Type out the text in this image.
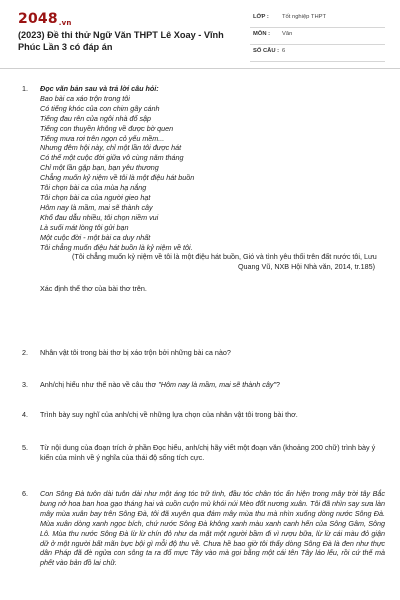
2048.vn
(2023) Đề thi thử Ngữ Văn THPT Lê Xoay - Vĩnh Phúc Lần 3 có đáp án
LỚP : Tốt nghiệp THPT
MÔN : Văn
SỐ CÂU : 6
1. Đọc văn bản sau và trả lời câu hỏi:
Bao bài ca xáo trộn trong tôi
Có tiếng khóc của con chim gãy cánh
Tiếng đau rên của ngôi nhà đổ sập
Tiếng con thuyền không về được bờ quen
Tiếng mưa rơi trên ngọn cỏ yếu mềm...
Nhưng đêm hội này, chỉ một lần tôi được hát
Có thể một cuộc đời giữa vô cùng năm tháng
Chỉ một lần gặp bạn, bạn yêu thương
Chẳng muốn kỷ niệm về tôi là một điệu hát buồn
Tôi chọn bài ca của mùa hạ nắng
Tôi chọn bài ca của người gieo hạt
Hôm nay là mầm, mai sẽ thành cây
Khổ đau dẫu nhiều, tôi chọn niềm vui
Là suối mát lòng tôi gửi bạn
Một cuộc đời - một bài ca duy nhất
Tôi chẳng muốn điệu hát buồn là kỷ niệm về tôi.
(Tôi chẳng muốn kỷ niệm về tôi là một điệu hát buồn, Gió và tình yêu thổi trên đất nước tôi, Lưu
Quang Vũ, NXB Hội Nhà văn, 2014, tr.185)
Xác định thể thơ của bài thơ trên.
2. Nhân vật tôi trong bài thơ bị xáo trộn bởi những bài ca nào?
3. Anh/chị hiểu như thế nào về câu thơ "Hôm nay là mầm, mai sẽ thành cây"?
4. Trình bày suy nghĩ của anh/chị về những lựa chọn của nhân vật tôi trong bài thơ.
5. Từ nội dung của đoạn trích ở phần Đọc hiểu, anh/chị hãy viết một đoạn văn (khoảng 200 chữ) trình bày ý kiến của mình về ý nghĩa của thái độ sống tích cực.
6. Con Sông Đà tuôn dài tuôn dài như một áng tóc trữ tình, đầu tóc chân tóc ẩn hiện trong mây trời tây Bắc bung nở hoa ban hoa gạo tháng hai và cuồn cuộn mù khói núi Mèo đốt nương xuân. Tôi đã nhìn say sưa làn mây mùa xuân bay trên Sông Đà, tôi đã xuyên qua đám mây mùa thu mà nhìn xuống dòng nước Sông Đà. Mùa xuân dòng xanh ngọc bích, chứ nước Sông Đà không xanh màu xanh canh hến của Sông Gâm, Sông Lô. Mùa thu nước Sông Đà lừ lừ chín đỏ như da mặt một người bầm đi vì rượu bữa, lừ lừ cái màu đỏ giận dữ ở một người bất mãn bực bội gì mỗi độ thu về. Chưa hề bao giờ tôi thấy dòng Sông Đà là đen như thực dân Pháp đã đè ngửa con sông ta ra đổ mực Tây vào mà gọi bằng một cái tên Tây láo lếu, rồi cứ thế mà phết vào bản đồ lai chữ.
